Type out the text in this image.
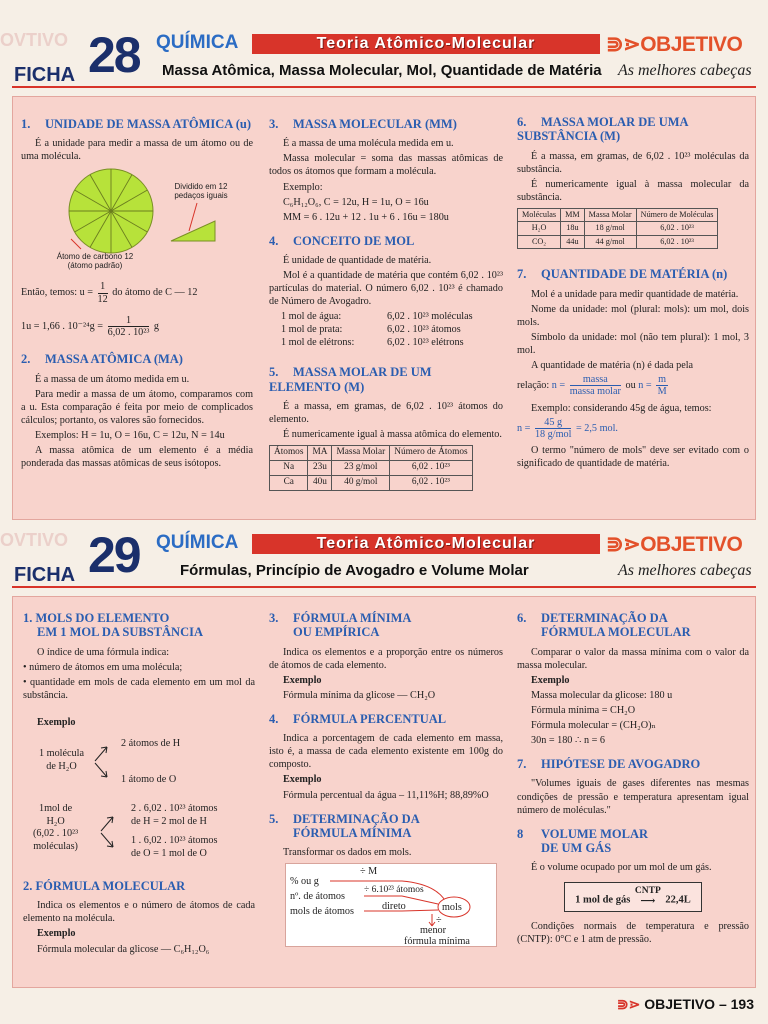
OVTIVO
FICHA 28 QUÍMICA	Teoria Atômico-Molecular	⋑⋗OBJETIVO
Massa Atômica, Massa Molecular, Mol, Quantidade de Matéria As melhores cabeças
1. UNIDADE DE MASSA ATÔMICA (u)

É a unidade para medir a massa de um átomo ou de uma molécula.

Dividido em 12 pedaços iguais
Átomo de carbono 12
(átomo padrão)
Então, temos: $u = \frac{1}{12}$ do átomo de C — 12
1u = 1,66 . $10^{-24}g = \frac{1}{\text{6,02 . 10²³}}$ g
2. MASSA ATÔMICA (MA)

É a massa de um átomo medida em u.

Para medir a massa de um átomo, comparamos com a u. Esta comparação é feita por meio de complicados cálculos; portanto, os valores são fornecidos.

Exemplos: H = 1u, O = 16u, C = 12u, N = 14u

A massa atômica de um elemento é a média ponderada das massas atômicas de seus isótopos.

3. MASSA MOLECULAR (MM)

É a massa de uma molécula medida em u.

Massa molecular = soma das massas atômicas de todos os átomos que formam a molécula.

Exemplo:

C₆H₁₂O₆, C = 12u, H = 1u, O = 16u

MM = 6 . 12u + 12 . 1u + 6 . 16u = 180u

4. CONCEITO DE MOL

É unidade de quantidade de matéria.

Mol é a quantidade de matéria que contém 6,02 . 10²³ partículas do material. O número 6,02 . 10²³ é chamado de Número de Avogadro.

1 mol de água:	6,02 . 10²³ moléculas
1 mol de prata:	6,02 . 10²³ átomos
1 mol de elétrons:	6,02 . 10²³ elétrons
5. MASSA MOLAR DE UM ELEMENTO (M)

É a massa, em gramas, de 6,02 . 10²³ átomos do elemento.

É numericamente igual à massa atômica do elemento.

Átomos	MA	Massa Molar	Número de Átomos
Na	23u	23 g/mol	6,02 . 10²³
Ca	40u	40 g/mol	6,02 . 10²³
6. MASSA MOLAR DE UMA SUBSTÂNCIA (M)

É a massa, em gramas, de 6,02 . 10²³ moléculas da substância.

É numericamente igual à massa molecular da substância.

Moléculas	MM	Massa Molar	Número de Moléculas
H₂O	18u	18 g/mol	6,02 . 10²³
CO₂	44u	44 g/mol	6,02 . 10²³
7. QUANTIDADE DE MATÉRIA (n)

Mol é a unidade para medir quantidade de matéria.

Nome da unidade: mol (plural: mols): um mol, dois mols.

Símbolo da unidade: mol (não tem plural): 1 mol, 3 mol.

A quantidade de matéria (n) é dada pela

relação: $n = \frac{\text{massa}}{\text{massa molar}}$ ou $n = \frac{m}{M}$

Exemplo: considerando 45g de água, temos:

$n = \frac{45 g}{\text{18 g/mol}} = 2,5$ mol.

O termo "número de mols" deve ser evitado com o significado de quantidade de matéria.

OVTIVO
FICHA 29 QUÍMICA	Teoria Atômico-Molecular	⋑⋗OBJETIVO
Fórmulas, Princípio de Avogadro e Volume Molar	As melhores cabeças
1. MOLS DO ELEMENTO
EM 1 MOL DA SUBSTÂNCIA

O índice de uma fórmula indica:

• número de átomos em uma molécula;

• quantidade em mols de cada elemento em um mol da substância.

Exemplo

1 molécula
de H₂O
2 átomos de H
1 átomo de O
1mol de
H₂O
(6,02 . 10²³
moléculas)
2 . 6,02 . 10²³ átomos
de H = 2 mol de H
1 . 6,02 . 10²³ átomos
de O = 1 mol de O
2. FÓRMULA MOLECULAR

Indica os elementos e o número de átomos de cada elemento na molécula.

Exemplo

Fórmula molecular da glicose — C₆H₁₂O₆

3. FÓRMULA MÍNIMA
OU EMPÍRICA

Indica os elementos e a proporção entre os números de átomos de cada elemento.

Exemplo

Fórmula mínima da glicose — CH₂O

4. FÓRMULA PERCENTUAL

Indica a porcentagem de cada elemento em massa, isto é, a massa de cada elemento existente em 100g do composto.

Exemplo

Fórmula percentual da água – 11,11%H; 88,89%O

5. DETERMINAÇÃO DA
FÓRMULA MÍNIMA

Transformar os dados em mols.

÷ M
% ou g
nº. de átomos
÷ 6.10²³ átomos
mols de átomos	direto	mols
÷
menor
fórmula mínima
6. DETERMINAÇÃO DA
FÓRMULA MOLECULAR

Comparar o valor da massa mínima com o valor da massa molecular.

Exemplo

Massa molecular da glicose: 180 u

Fórmula mínima = CH₂O

Fórmula molecular = (CH₂O)ₙ

30n = 180 ∴ n = 6

7. HIPÓTESE DE AVOGADRO

"Volumes iguais de gases diferentes nas mesmas condições de pressão e temperatura apresentam igual número de moléculas."

8 VOLUME MOLAR
DE UM GÁS

É o volume ocupado por um mol de um gás.

1 mol de gás
CNTP
⟶ 22,4L

Condições normais de temperatura e pressão (CNTP): 0°C e 1 atm de pressão.

⋑⋗ OBJETIVO – 193
